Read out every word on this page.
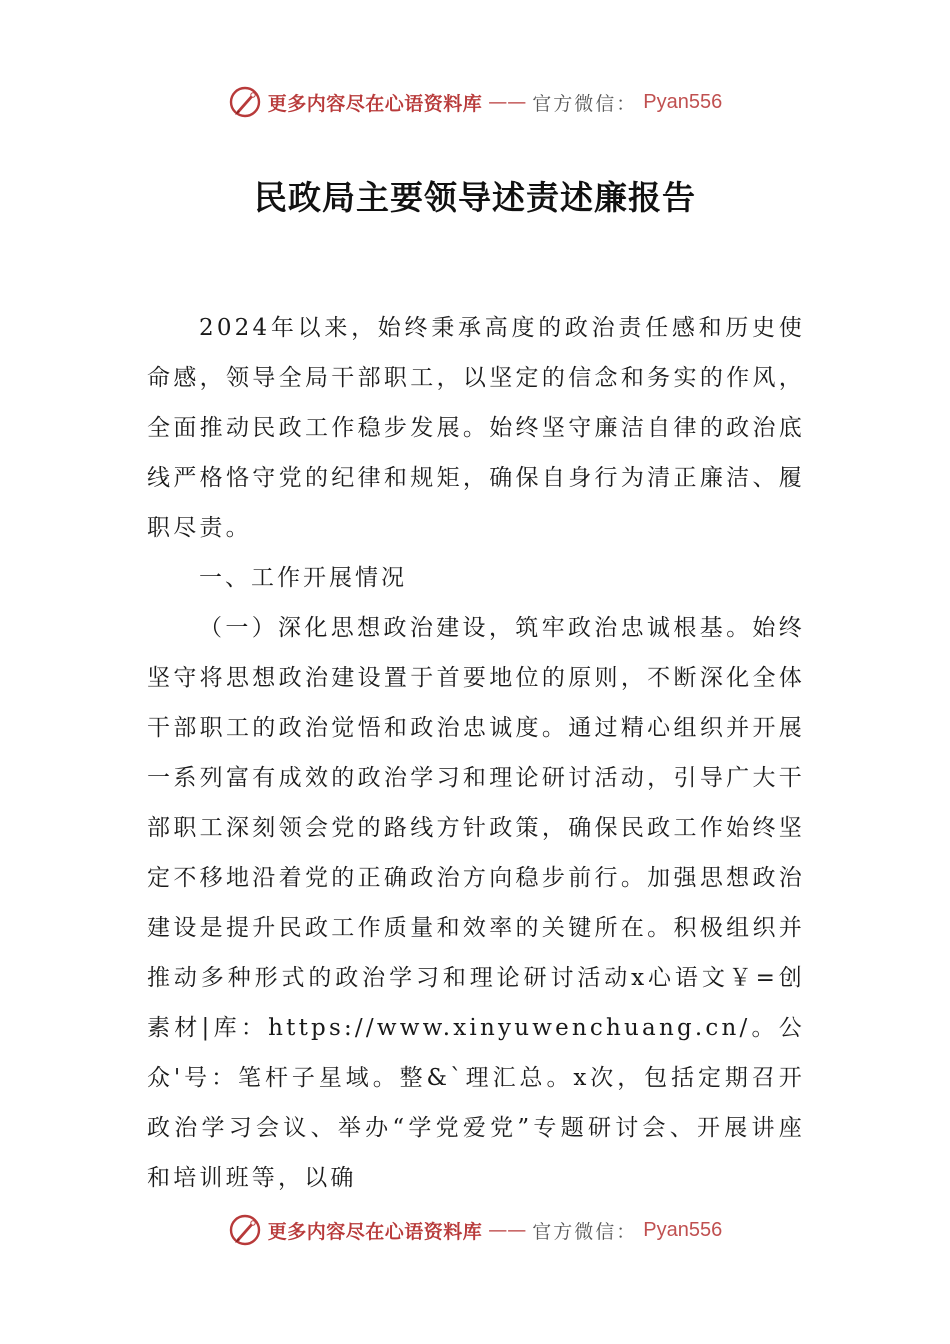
更多内容尽在心语资料库 —— 官方微信： Pyan556
民政局主要领导述责述廉报告

2024年以来，始终秉承高度的政治责任感和历史使命感，领导全局干部职工，以坚定的信念和务实的作风，全面推动民政工作稳步发展。始终坚守廉洁自律的政治底线严格恪守党的纪律和规矩，确保自身行为清正廉洁、履职尽责。

一、工作开展情况

（一）深化思想政治建设，筑牢政治忠诚根基。始终坚守将思想政治建设置于首要地位的原则，不断深化全体干部职工的政治觉悟和政治忠诚度。通过精心组织并开展一系列富有成效的政治学习和理论研讨活动，引导广大干部职工深刻领会党的路线方针政策，确保民政工作始终坚定不移地沿着党的正确政治方向稳步前行。加强思想政治建设是提升民政工作质量和效率的关键所在。积极组织并推动多种形式的政治学习和理论研讨活动x心语文￥=创素材|库：https://www.xinyuwenchuang.cn/。公众'号：笔杆子星域。整&`理汇总。x次，包括定期召开政治学习会议、举办“学党爱党”专题研讨会、开展讲座和培训班等，以确

更多内容尽在心语资料库 —— 官方微信： Pyan556
